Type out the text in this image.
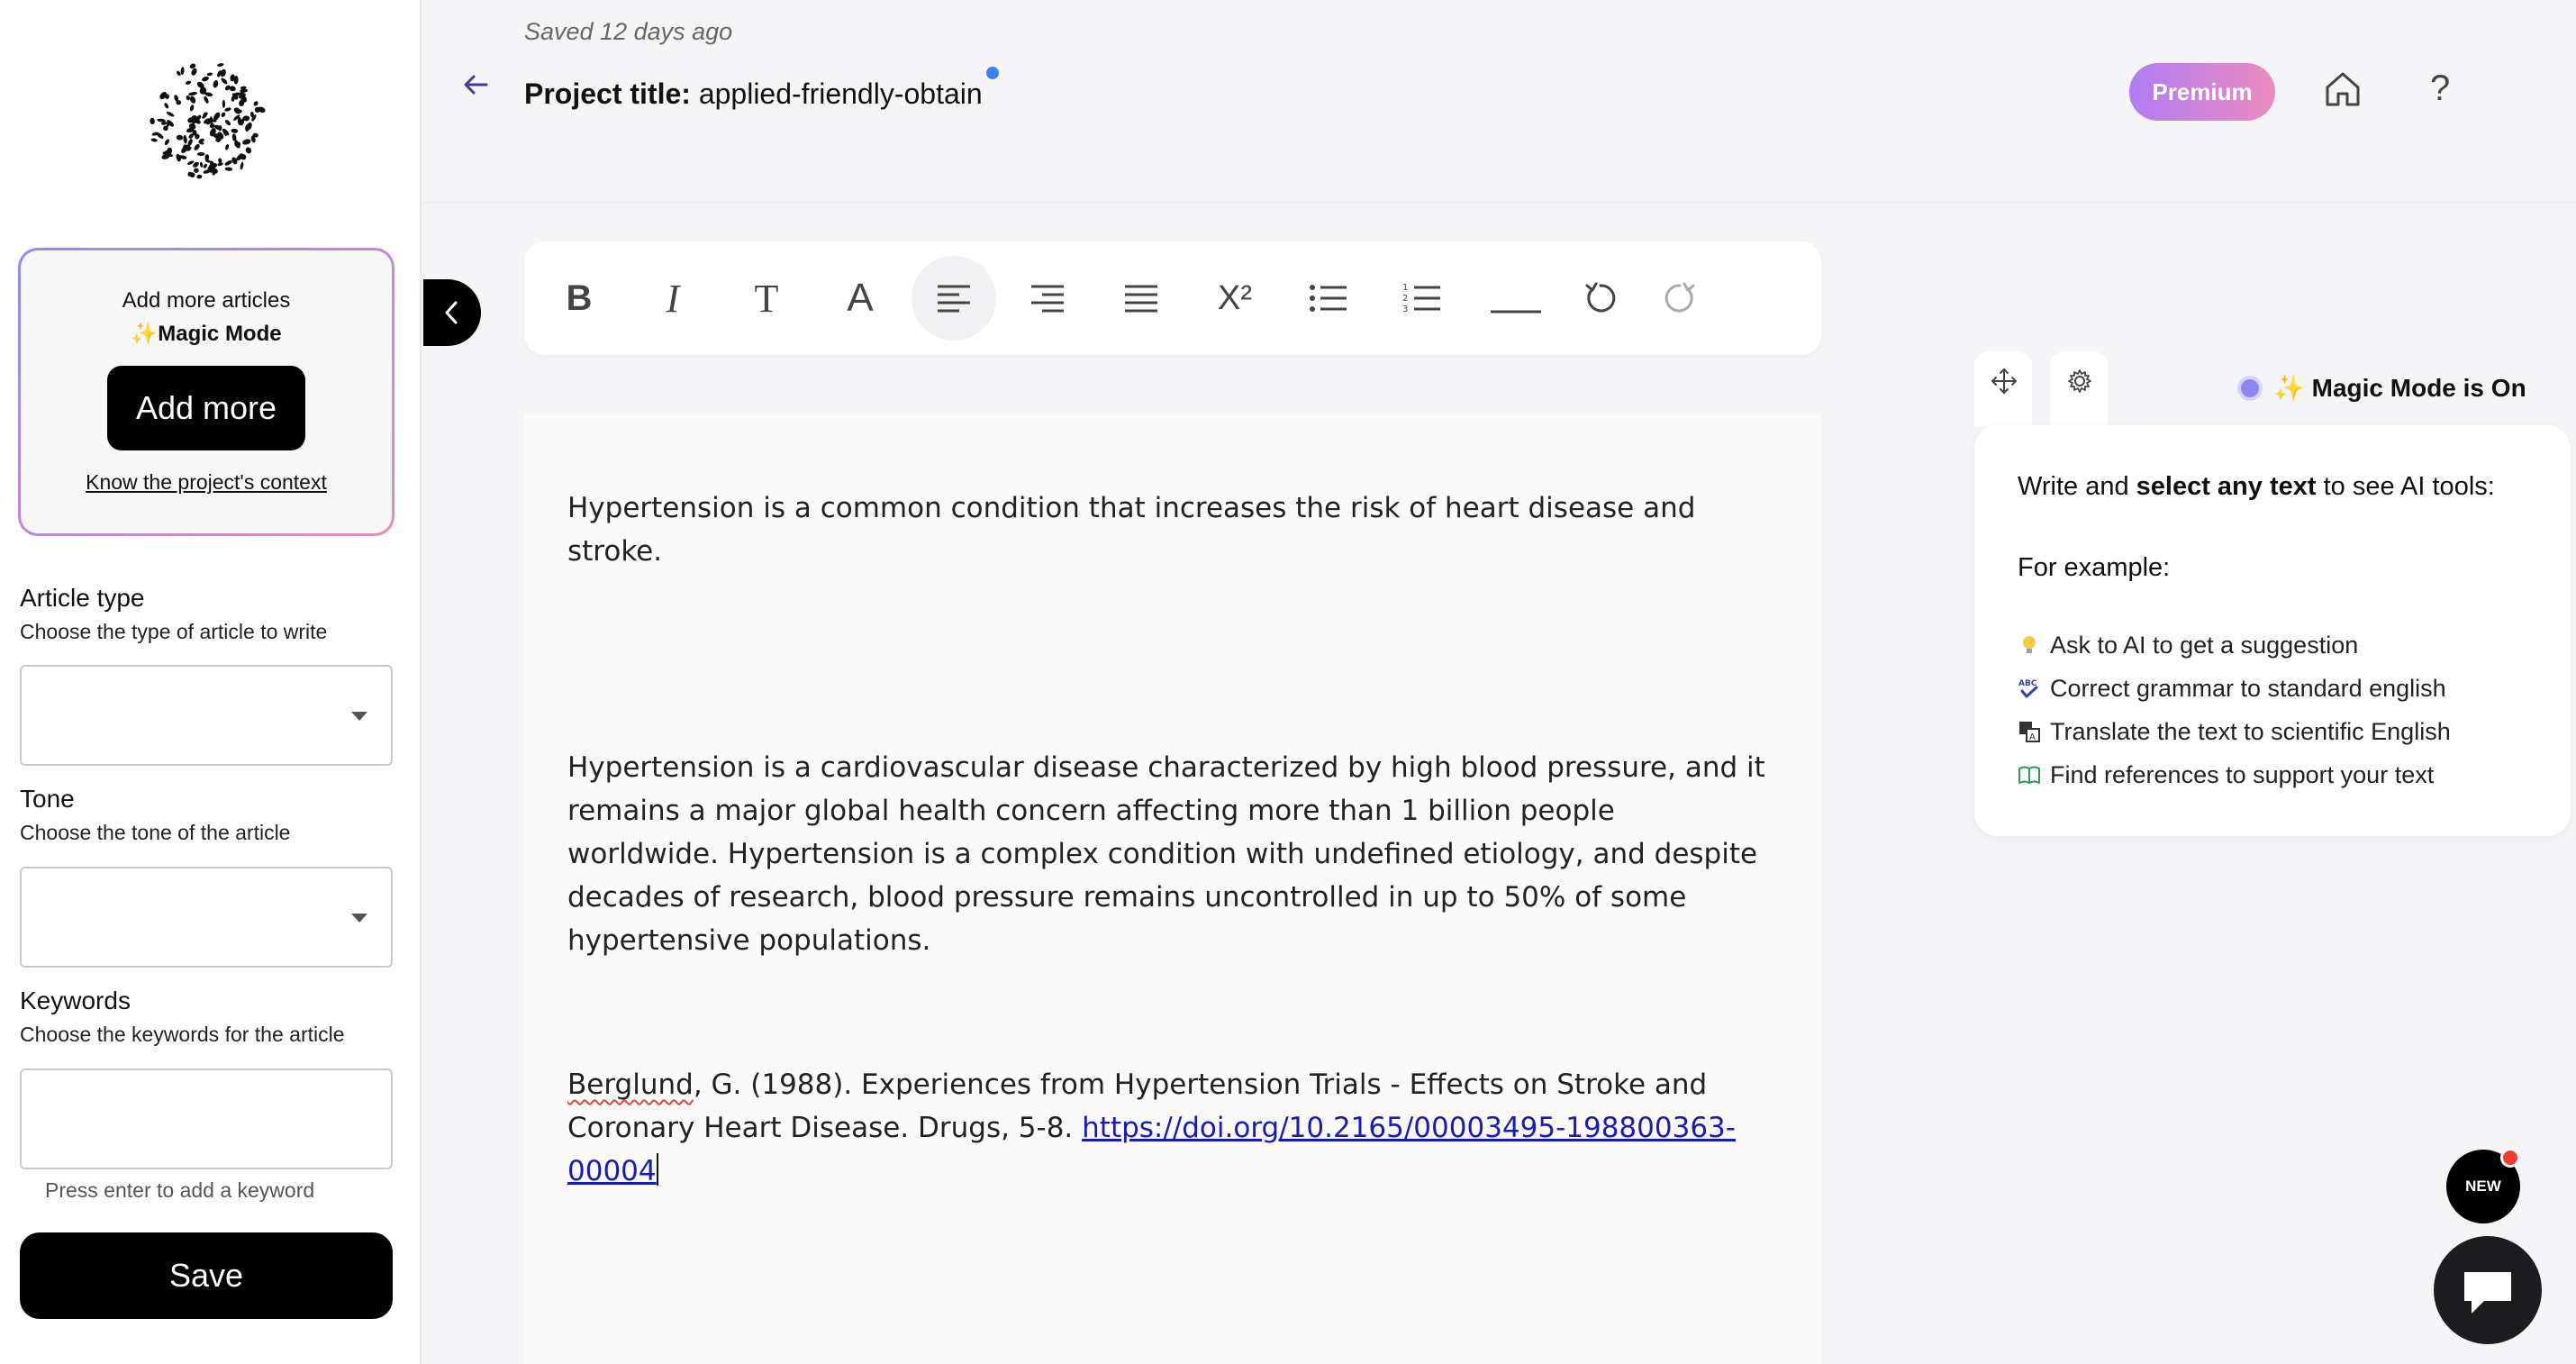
Add more articles
✨Magic Mode
Add more
Know the project's context
Article type
Choose the type of article to write
Tone
Choose the tone of the article
Keywords
Choose the keywords for the article
Press enter to add a keyword
Save
Saved 12 days ago
Project title: applied-friendly-obtain	Premium	?
B I T A	X²	1
2
3

Hypertension is a common condition that increases the risk of heart disease and stroke.

Hypertension is a cardiovascular disease characterized by high blood pressure, and it remains a major global health concern affecting more than 1 billion people worldwide. Hypertension is a complex condition with undefined etiology, and despite decades of research, blood pressure remains uncontrolled in up to 50% of some hypertensive populations.

Berglund, G. (1988). Experiences from Hypertension Trials - Effects on Stroke and Coronary Heart Disease. Drugs, 5-8. https://doi.org/10.2165/00003495-198800363-00004

✨ Magic Mode is On
Write and select any text to see AI tools:
For example:
Ask to AI to get a suggestion
ABC Correct grammar to standard english
A Translate the text to scientific English
Find references to support your text
NEW
